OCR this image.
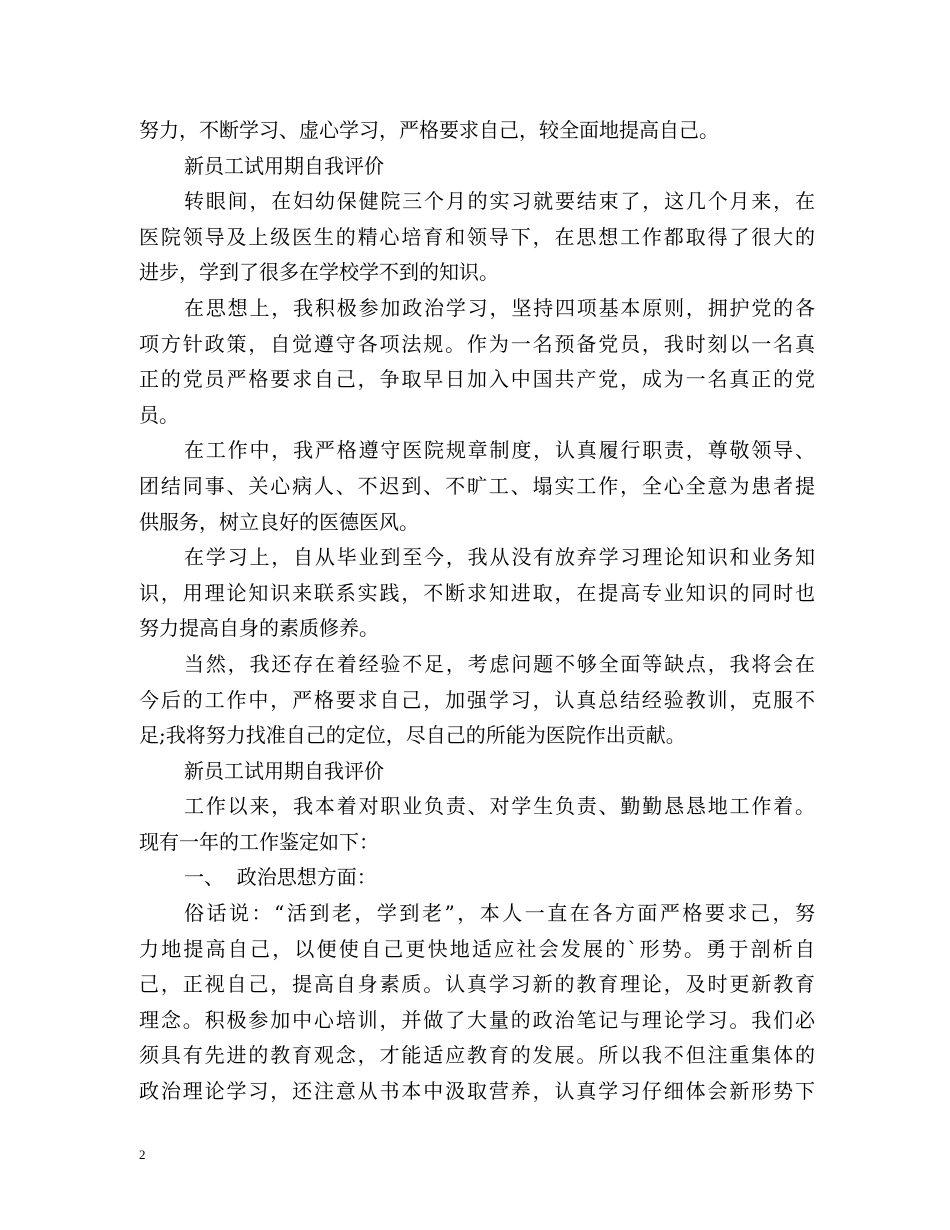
努力，不断学习、虚心学习，严格要求自己，较全面地提高自己。
新员工试用期自我评价
转眼间，在妇幼保健院三个月的实习就要结束了，这几个月来，在
医院领导及上级医生的精心培育和领导下，在思想工作都取得了很大的
进步，学到了很多在学校学不到的知识。
在思想上，我积极参加政治学习，坚持四项基本原则，拥护党的各
项方针政策，自觉遵守各项法规。作为一名预备党员，我时刻以一名真
正的党员严格要求自己，争取早日加入中国共产党，成为一名真正的党
员。
在工作中，我严格遵守医院规章制度，认真履行职责，尊敬领导、
团结同事、关心病人、不迟到、不旷工、塌实工作，全心全意为患者提
供服务，树立良好的医德医风。
在学习上，自从毕业到至今，我从没有放弃学习理论知识和业务知
识，用理论知识来联系实践，不断求知进取，在提高专业知识的同时也
努力提高自身的素质修养。
当然，我还存在着经验不足，考虑问题不够全面等缺点，我将会在
今后的工作中，严格要求自己，加强学习，认真总结经验教训，克服不
足;我将努力找准自己的定位，尽自己的所能为医院作出贡献。
新员工试用期自我评价
工作以来，我本着对职业负责、对学生负责、勤勤恳恳地工作着。
现有一年的工作鉴定如下：
一、  政治思想方面：
俗话说：“活到老，学到老”，本人一直在各方面严格要求己，努
力地提高自己，以便使自己更快地适应社会发展的`形势。勇于剖析自
己，正视自己，提高自身素质。认真学习新的教育理论，及时更新教育
理念。积极参加中心培训，并做了大量的政治笔记与理论学习。我们必
须具有先进的教育观念，才能适应教育的发展。所以我不但注重集体的
政治理论学习，还注意从书本中汲取营养，认真学习仔细体会新形势下
2
